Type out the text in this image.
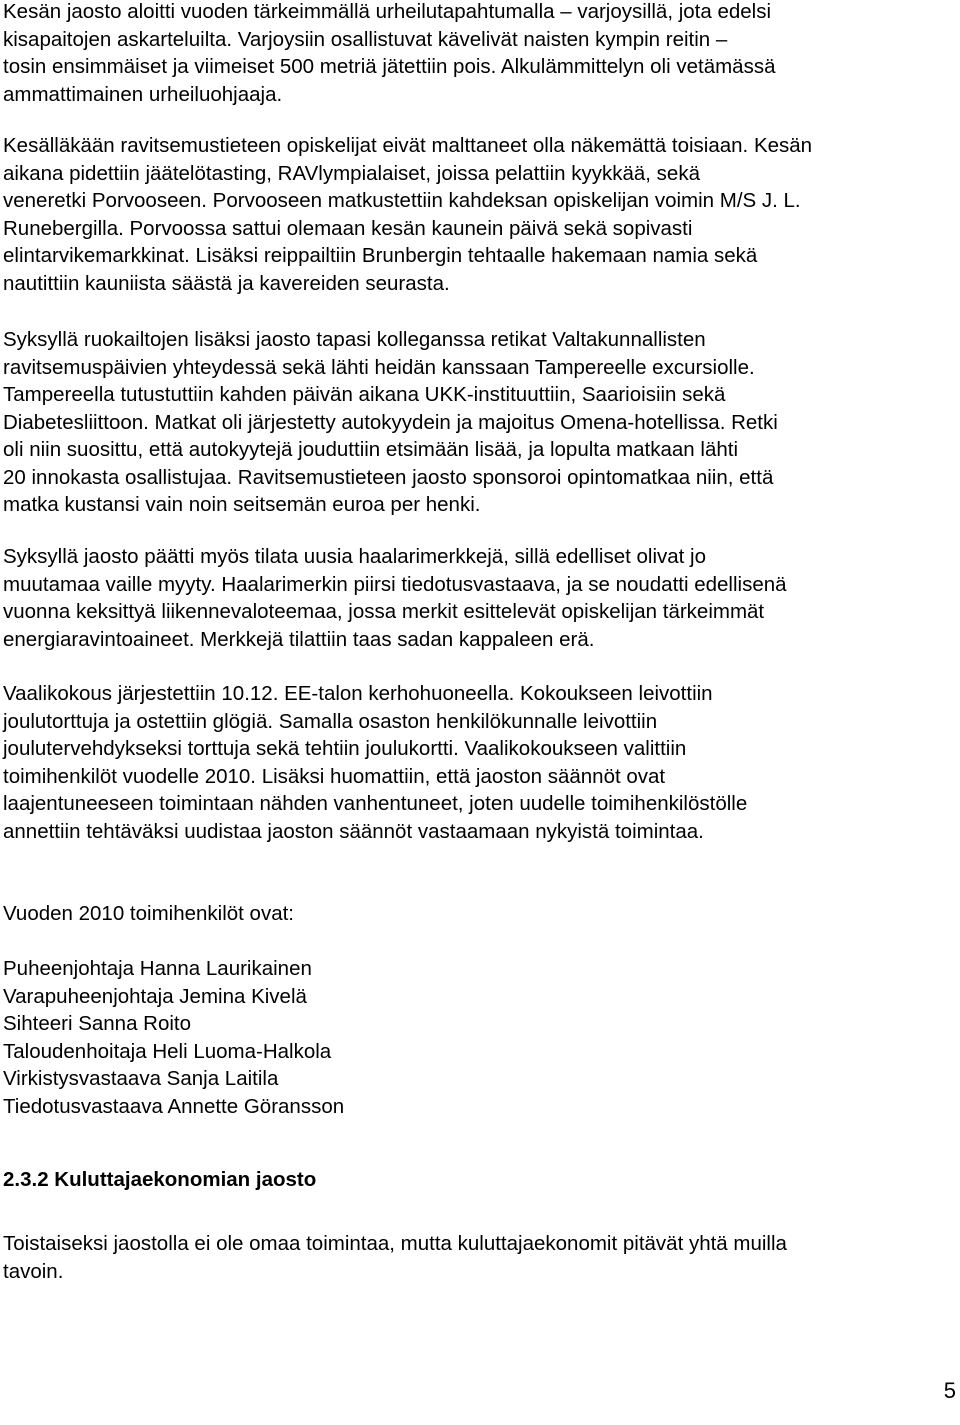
Kesän jaosto aloitti vuoden tärkeimmällä urheilutapahtumalla – varjoysillä, jota edelsi
kisapaitojen askarteluilta. Varjoysiin osallistuvat kävelivät naisten kympin reitin –
tosin ensimmäiset ja viimeiset 500 metriä jätettiin pois. Alkulämmittelyn oli vetämässä
ammattimainen urheiluohjaaja.

Kesälläkään ravitsemustieteen opiskelijat eivät malttaneet olla näkemättä toisiaan. Kesän
aikana pidettiin jäätelötasting, RAVlympialaiset, joissa pelattiin kyykkää, sekä
veneretki Porvooseen. Porvooseen matkustettiin kahdeksan opiskelijan voimin M/S J. L.
Runebergilla. Porvoossa sattui olemaan kesän kaunein päivä sekä sopivasti
elintarvikemarkkinat. Lisäksi reippailtiin Brunbergin tehtaalle hakemaan namia sekä
nautittiin kauniista säästä ja kavereiden seurasta.

Syksyllä ruokailtojen lisäksi jaosto tapasi kolleganssa retikat Valtakunnallisten
ravitsemuspäivien yhteydessä sekä lähti heidän kanssaan Tampereelle excursiolle.
Tampereella tutustuttiin kahden päivän aikana UKK-instituuttiin, Saarioisiin sekä
Diabetesliittoon. Matkat oli järjestetty autokyydein ja majoitus Omena-hotellissa. Retki
oli niin suosittu, että autokyytejä jouduttiin etsimään lisää, ja lopulta matkaan lähti
20 innokasta osallistujaa. Ravitsemustieteen jaosto sponsoroi opintomatkaa niin, että
matka kustansi vain noin seitsemän euroa per henki.

Syksyllä jaosto päätti myös tilata uusia haalarimerkkejä, sillä edelliset olivat jo
muutamaa vaille myyty. Haalarimerkin piirsi tiedotusvastaava, ja se noudatti edellisenä
vuonna keksittyä liikennevaloteemaa, jossa merkit esittelevät opiskelijan tärkeimmät
energiaravintoaineet. Merkkejä tilattiin taas sadan kappaleen erä.

Vaalikokous järjestettiin 10.12. EE-talon kerhohuoneella. Kokoukseen leivottiin
joulutorttuja ja ostettiin glögiä. Samalla osaston henkilökunnalle leivottiin
joulutervehdykseksi torttuja sekä tehtiin joulukortti. Vaalikokoukseen valittiin
toimihenkilöt vuodelle 2010. Lisäksi huomattiin, että jaoston säännöt ovat
laajentuneeseen toimintaan nähden vanhentuneet, joten uudelle toimihenkilöstölle
annettiin tehtäväksi uudistaa jaoston säännöt vastaamaan nykyistä toimintaa.

Vuoden 2010 toimihenkilöt ovat:

Puheenjohtaja Hanna Laurikainen
Varapuheenjohtaja Jemina Kivelä
Sihteeri Sanna Roito
Taloudenhoitaja Heli Luoma-Halkola
Virkistysvastaava Sanja Laitila
Tiedotusvastaava Annette Göransson

2.3.2 Kuluttajaekonomian jaosto

Toistaiseksi jaostolla ei ole omaa toimintaa, mutta kuluttajaekonomit pitävät yhtä muilla
tavoin.

5
